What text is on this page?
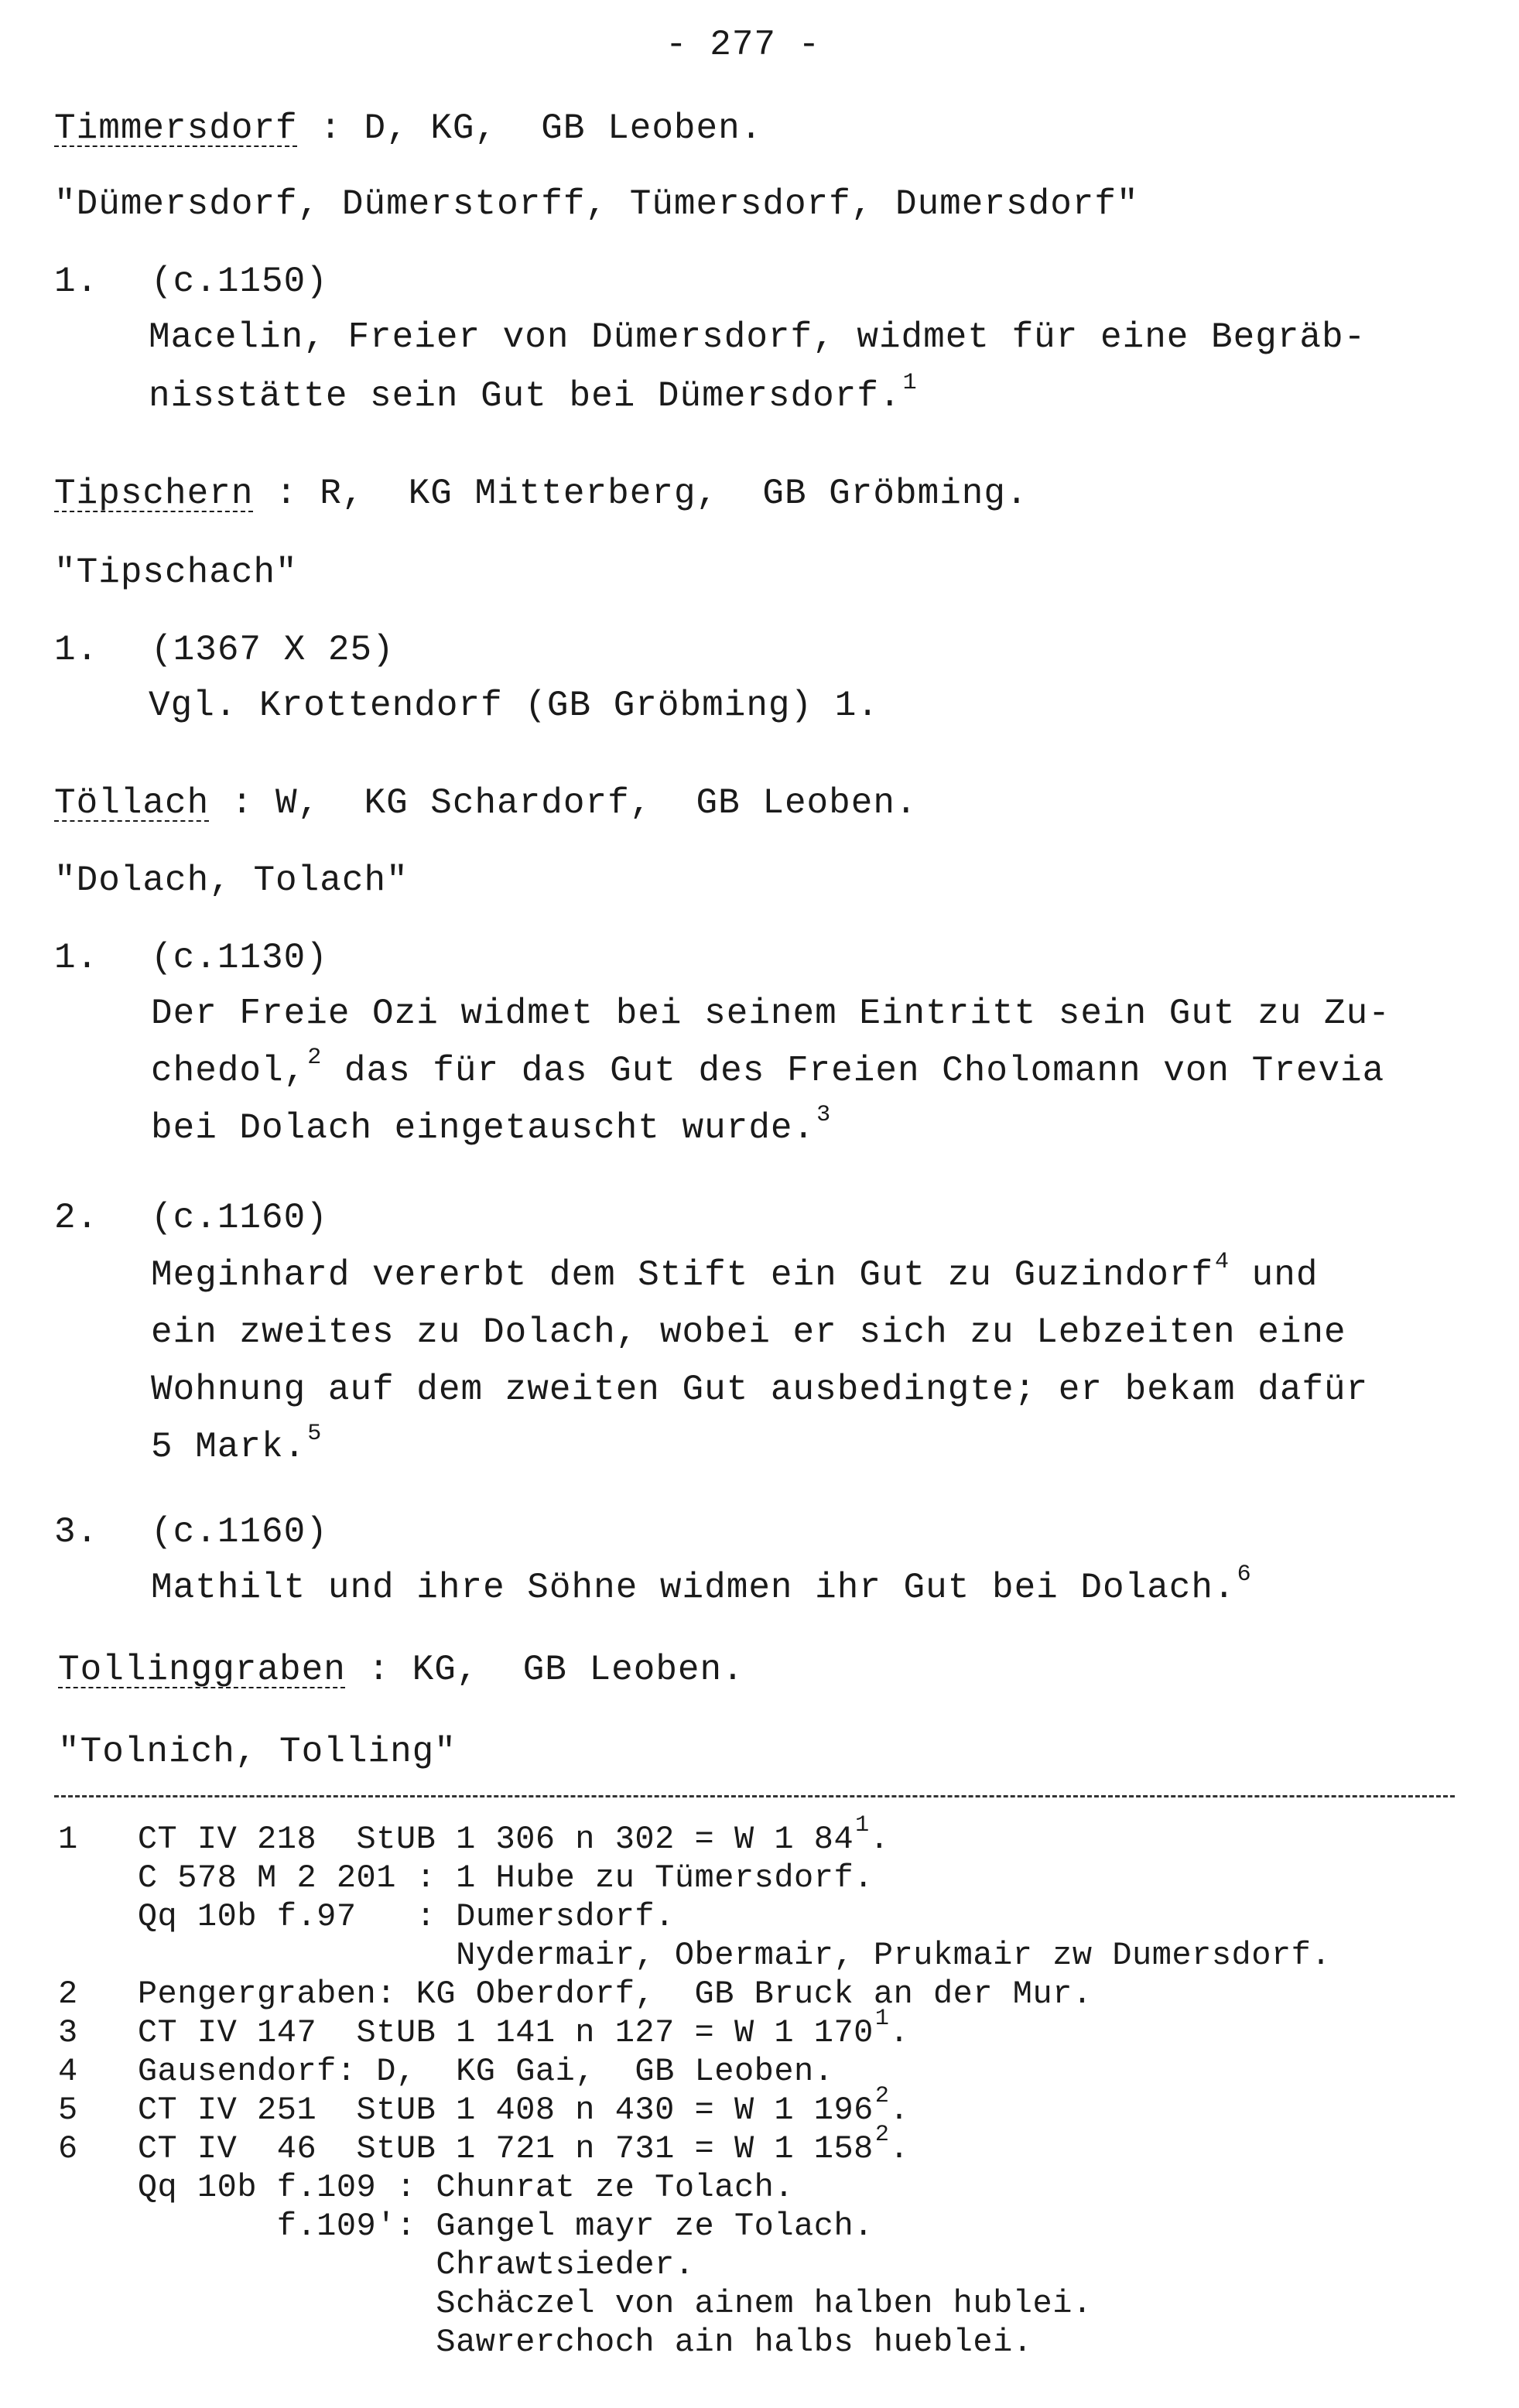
- 277 -
Timmersdorf : D, KG,  GB Leoben.
"Dümersdorf, Dümerstorff, Tümersdorf, Dumersdorf"
1. (c.1150)
Macelin, Freier von Dümersdorf, widmet für eine Begräb-
nisstätte sein Gut bei Dümersdorf.$^1$
Tipschern : R,  KG Mitterberg,  GB Gröbming.
"Tipschach"
1. (1367 X 25)
Vgl. Krottendorf (GB Gröbming) 1.
Töllach : W,  KG Schardorf,  GB Leoben.
"Dolach, Tolach"
1. (c.1130)
Der Freie Ozi widmet bei seinem Eintritt sein Gut zu Zu-
chedol,$^2$ das für das Gut des Freien Cholomann von Trevia
bei Dolach eingetauscht wurde.$^3$
2. (c.1160)
Meginhard vererbt dem Stift ein Gut zu Guzindorf$^4$ und
ein zweites zu Dolach, wobei er sich zu Lebzeiten eine
Wohnung auf dem zweiten Gut ausbedingte; er bekam dafür
5 Mark.$^5$
3. (c.1160)
Mathilt und ihre Söhne widmen ihr Gut bei Dolach.$^6$
Tollinggraben : KG,  GB Leoben.
"Tolnich, Tolling"
1   CT IV 218  StUB 1 306 n 302 = W 1 $84^1$.
C 578 M 2 201 : 1 Hube zu Tümersdorf.
Qq 10b f.97   : Dumersdorf.
Nydermair, Obermair, Prukmair zw Dumersdorf.
2   Pengergraben: KG Oberdorf,  GB Bruck an der Mur.
3   CT IV 147  StUB 1 141 n 127 = W 1 $170^1$.
4   Gausendorf: D,  KG Gai,  GB Leoben.
5   CT IV 251  StUB 1 408 n 430 = W 1 $196^2$.
6   CT IV  46  StUB 1 721 n 731 = W 1 $158^2$.
Qq 10b f.109 : Chunrat ze Tolach.
f.109': Gangel mayr ze Tolach.
Chrawtsieder.
Schäczel von ainem halben hublei.
Sawrerchoch ain halbs hueblei.
